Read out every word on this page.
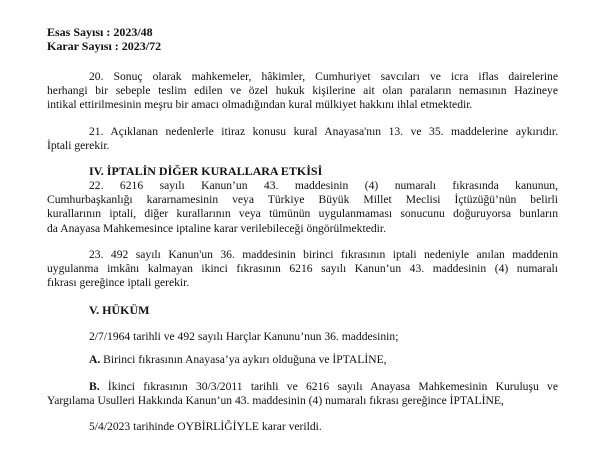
Esas Sayısı : 2023/48
Karar Sayısı : 2023/72
20. Sonuç olarak mahkemeler, hâkimler, Cumhuriyet savcıları ve icra iflas dairelerine
herhangi bir sebeple teslim edilen ve özel hukuk kişilerine ait olan paraların nemasının Hazineye
intikal ettirilmesinin meşru bir amacı olmadığından kural mülkiyet hakkını ihlal etmektedir.
21. Açıklanan nedenlerle itiraz konusu kural Anayasa'nın 13. ve 35. maddelerine aykırıdır.
İptali gerekir.
IV. İPTALİN DİĞER KURALLARA ETKİSİ
22. 6216 sayılı Kanun’un 43. maddesinin (4) numaralı fıkrasında kanunun,
Cumhurbaşkanlığı kararnamesinin veya Türkiye Büyük Millet Meclisi İçtüzüğü’nün belirli
kurallarının iptali, diğer kurallarının veya tümünün uygulanmaması sonucunu doğuruyorsa bunların
da Anayasa Mahkemesince iptaline karar verilebileceği öngörülmektedir.
23. 492 sayılı Kanun'un 36. maddesinin birinci fıkrasının iptali nedeniyle anılan maddenin
uygulanma imkânı kalmayan ikinci fıkrasının 6216 sayılı Kanun’un 43. maddesinin (4) numaralı
fıkrası gereğince iptali gerekir.
V. HÜKÜM
2/7/1964 tarihli ve 492 sayılı Harçlar Kanunu’nun 36. maddesinin;
A. Birinci fıkrasının Anayasa’ya aykırı olduğuna ve İPTALİNE,
B. İkinci fıkrasının 30/3/2011 tarihli ve 6216 sayılı Anayasa Mahkemesinin Kuruluşu ve
Yargılama Usulleri Hakkında Kanun’un 43. maddesinin (4) numaralı fıkrası gereğince İPTALİNE,
5/4/2023 tarihinde OYBİRLİĞİYLE karar verildi.
